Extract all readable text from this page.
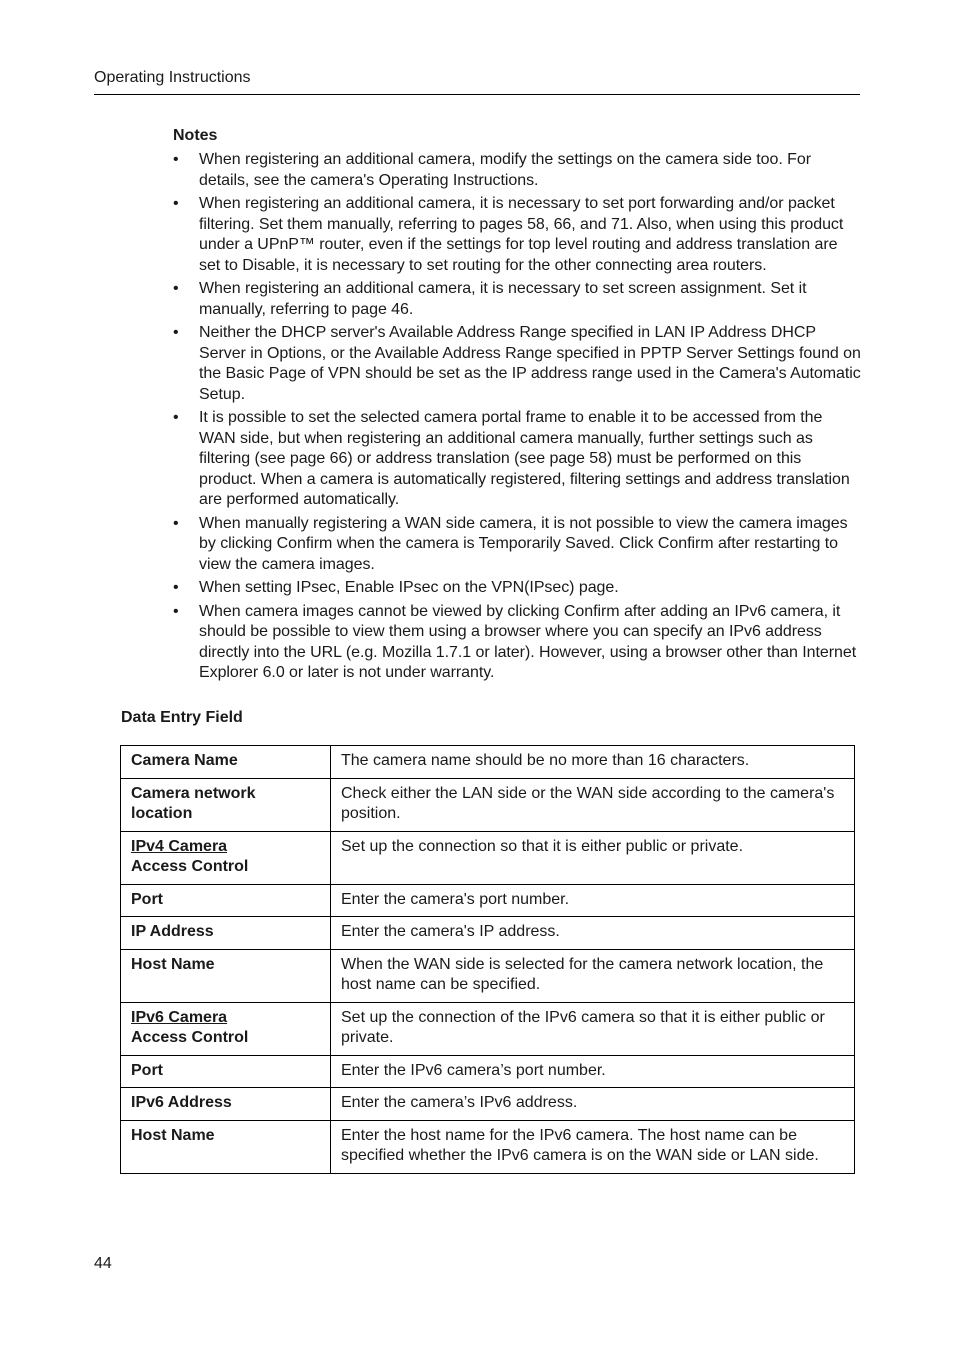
Operating Instructions
Notes
• When registering an additional camera, modify the settings on the camera side too. For details, see the camera's Operating Instructions.
• When registering an additional camera, it is necessary to set port forwarding and/or packet filtering. Set them manually, referring to pages 58, 66, and 71. Also, when using this product under a UPnP™ router, even if the settings for top level routing and address translation are set to Disable, it is necessary to set routing for the other connecting area routers.
• When registering an additional camera, it is necessary to set screen assignment. Set it manually, referring to page 46.
• Neither the DHCP server's Available Address Range specified in LAN IP Address DHCP Server in Options, or the Available Address Range specified in PPTP Server Settings found on the Basic Page of VPN should be set as the IP address range used in the Camera's Automatic Setup.
• It is possible to set the selected camera portal frame to enable it to be accessed from the WAN side, but when registering an additional camera manually, further settings such as filtering (see page 66) or address translation (see page 58) must be performed on this product. When a camera is automatically registered, filtering settings and address translation are performed automatically.
• When manually registering a WAN side camera, it is not possible to view the camera images by clicking Confirm when the camera is Temporarily Saved. Click Confirm after restarting to view the camera images.
• When setting IPsec, Enable IPsec on the VPN(IPsec) page.
• When camera images cannot be viewed by clicking Confirm after adding an IPv6 camera, it should be possible to view them using a browser where you can specify an IPv6 address directly into the URL (e.g. Mozilla 1.7.1 or later). However, using a browser other than Internet Explorer 6.0 or later is not under warranty.
Data Entry Field
Camera Name	The camera name should be no more than 16 characters.
Camera network location	Check either the LAN side or the WAN side according to the camera's position.
IPv4 Camera
Access Control	Set up the connection so that it is either public or private.
Port	Enter the camera's port number.
IP Address	Enter the camera's IP address.
Host Name	When the WAN side is selected for the camera network location, the host name can be specified.
IPv6 Camera
Access Control	Set up the connection of the IPv6 camera so that it is either public or private.
Port	Enter the IPv6 camera’s port number.
IPv6 Address	Enter the camera’s IPv6 address.
Host Name	Enter the host name for the IPv6 camera. The host name can be specified whether the IPv6 camera is on the WAN side or LAN side.
44
